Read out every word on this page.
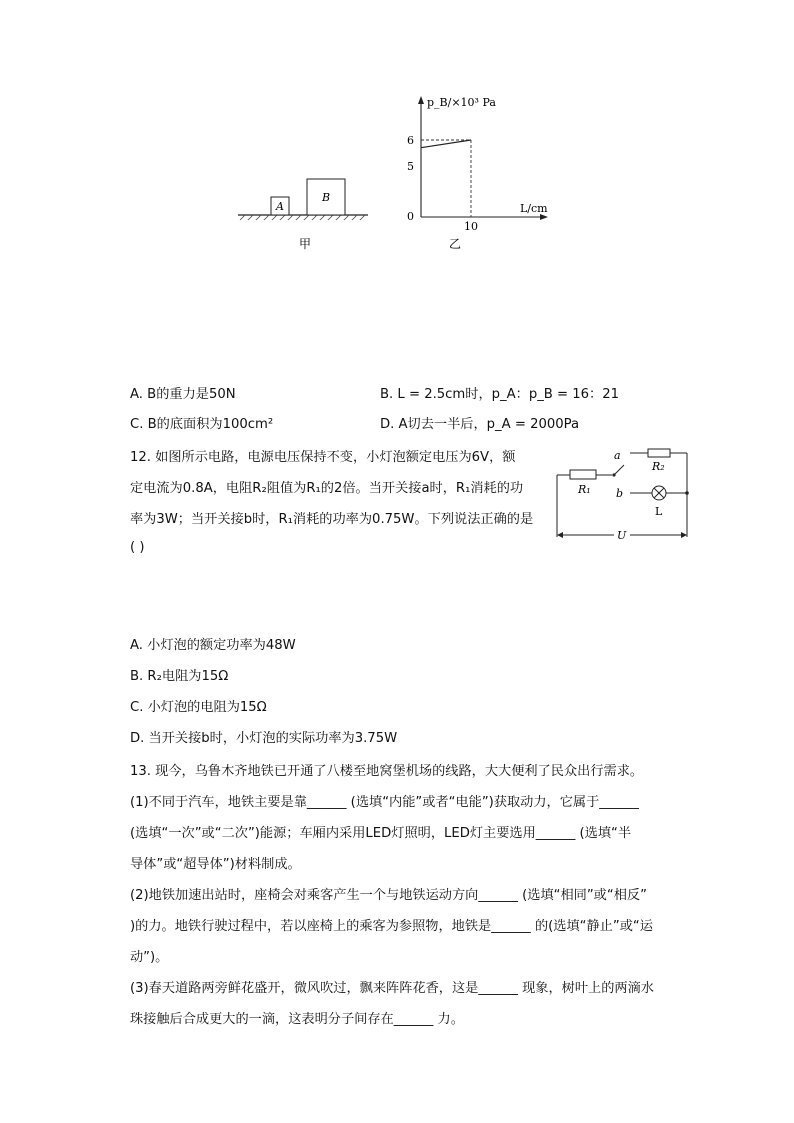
A
B
甲
p_B/×10³ Pa
L/cm
6
5
0
10
乙
A. B的重力是50N	B. L = 2.5cm时，p_A：p_B = 16：21
C. B的底面积为100cm²	D. A切去一半后，p_A = 2000Pa
12. 如图所示电路，电源电压保持不变，小灯泡额定电压为6V，额
定电流为0.8A，电阻R₂阻值为R₁的2倍。当开关接a时，R₁消耗的功
率为3W；当开关接b时，R₁消耗的功率为0.75W。下列说法正确的是
( )
R₁
a
b
R₂
L
U
A. 小灯泡的额定功率为48W
B. R₂电阻为15Ω
C. 小灯泡的电阻为15Ω
D. 当开关接b时，小灯泡的实际功率为3.75W
13. 现今，乌鲁木齐地铁已开通了八楼至地窝堡机场的线路，大大便利了民众出行需求。
(1)不同于汽车，地铁主要是靠______ (选填“内能”或者“电能”)获取动力，它属于______
(选填“一次”或“二次”)能源；车厢内采用LED灯照明，LED灯主要选用______ (选填“半
导体”或“超导体”)材料制成。
(2)地铁加速出站时，座椅会对乘客产生一个与地铁运动方向______ (选填“相同”或“相反”
)的力。地铁行驶过程中，若以座椅上的乘客为参照物，地铁是______ 的(选填“静止”或“运
动”)。
(3)春天道路两旁鲜花盛开，微风吹过，飘来阵阵花香，这是______ 现象，树叶上的两滴水
珠接触后合成更大的一滴，这表明分子间存在______ 力。
